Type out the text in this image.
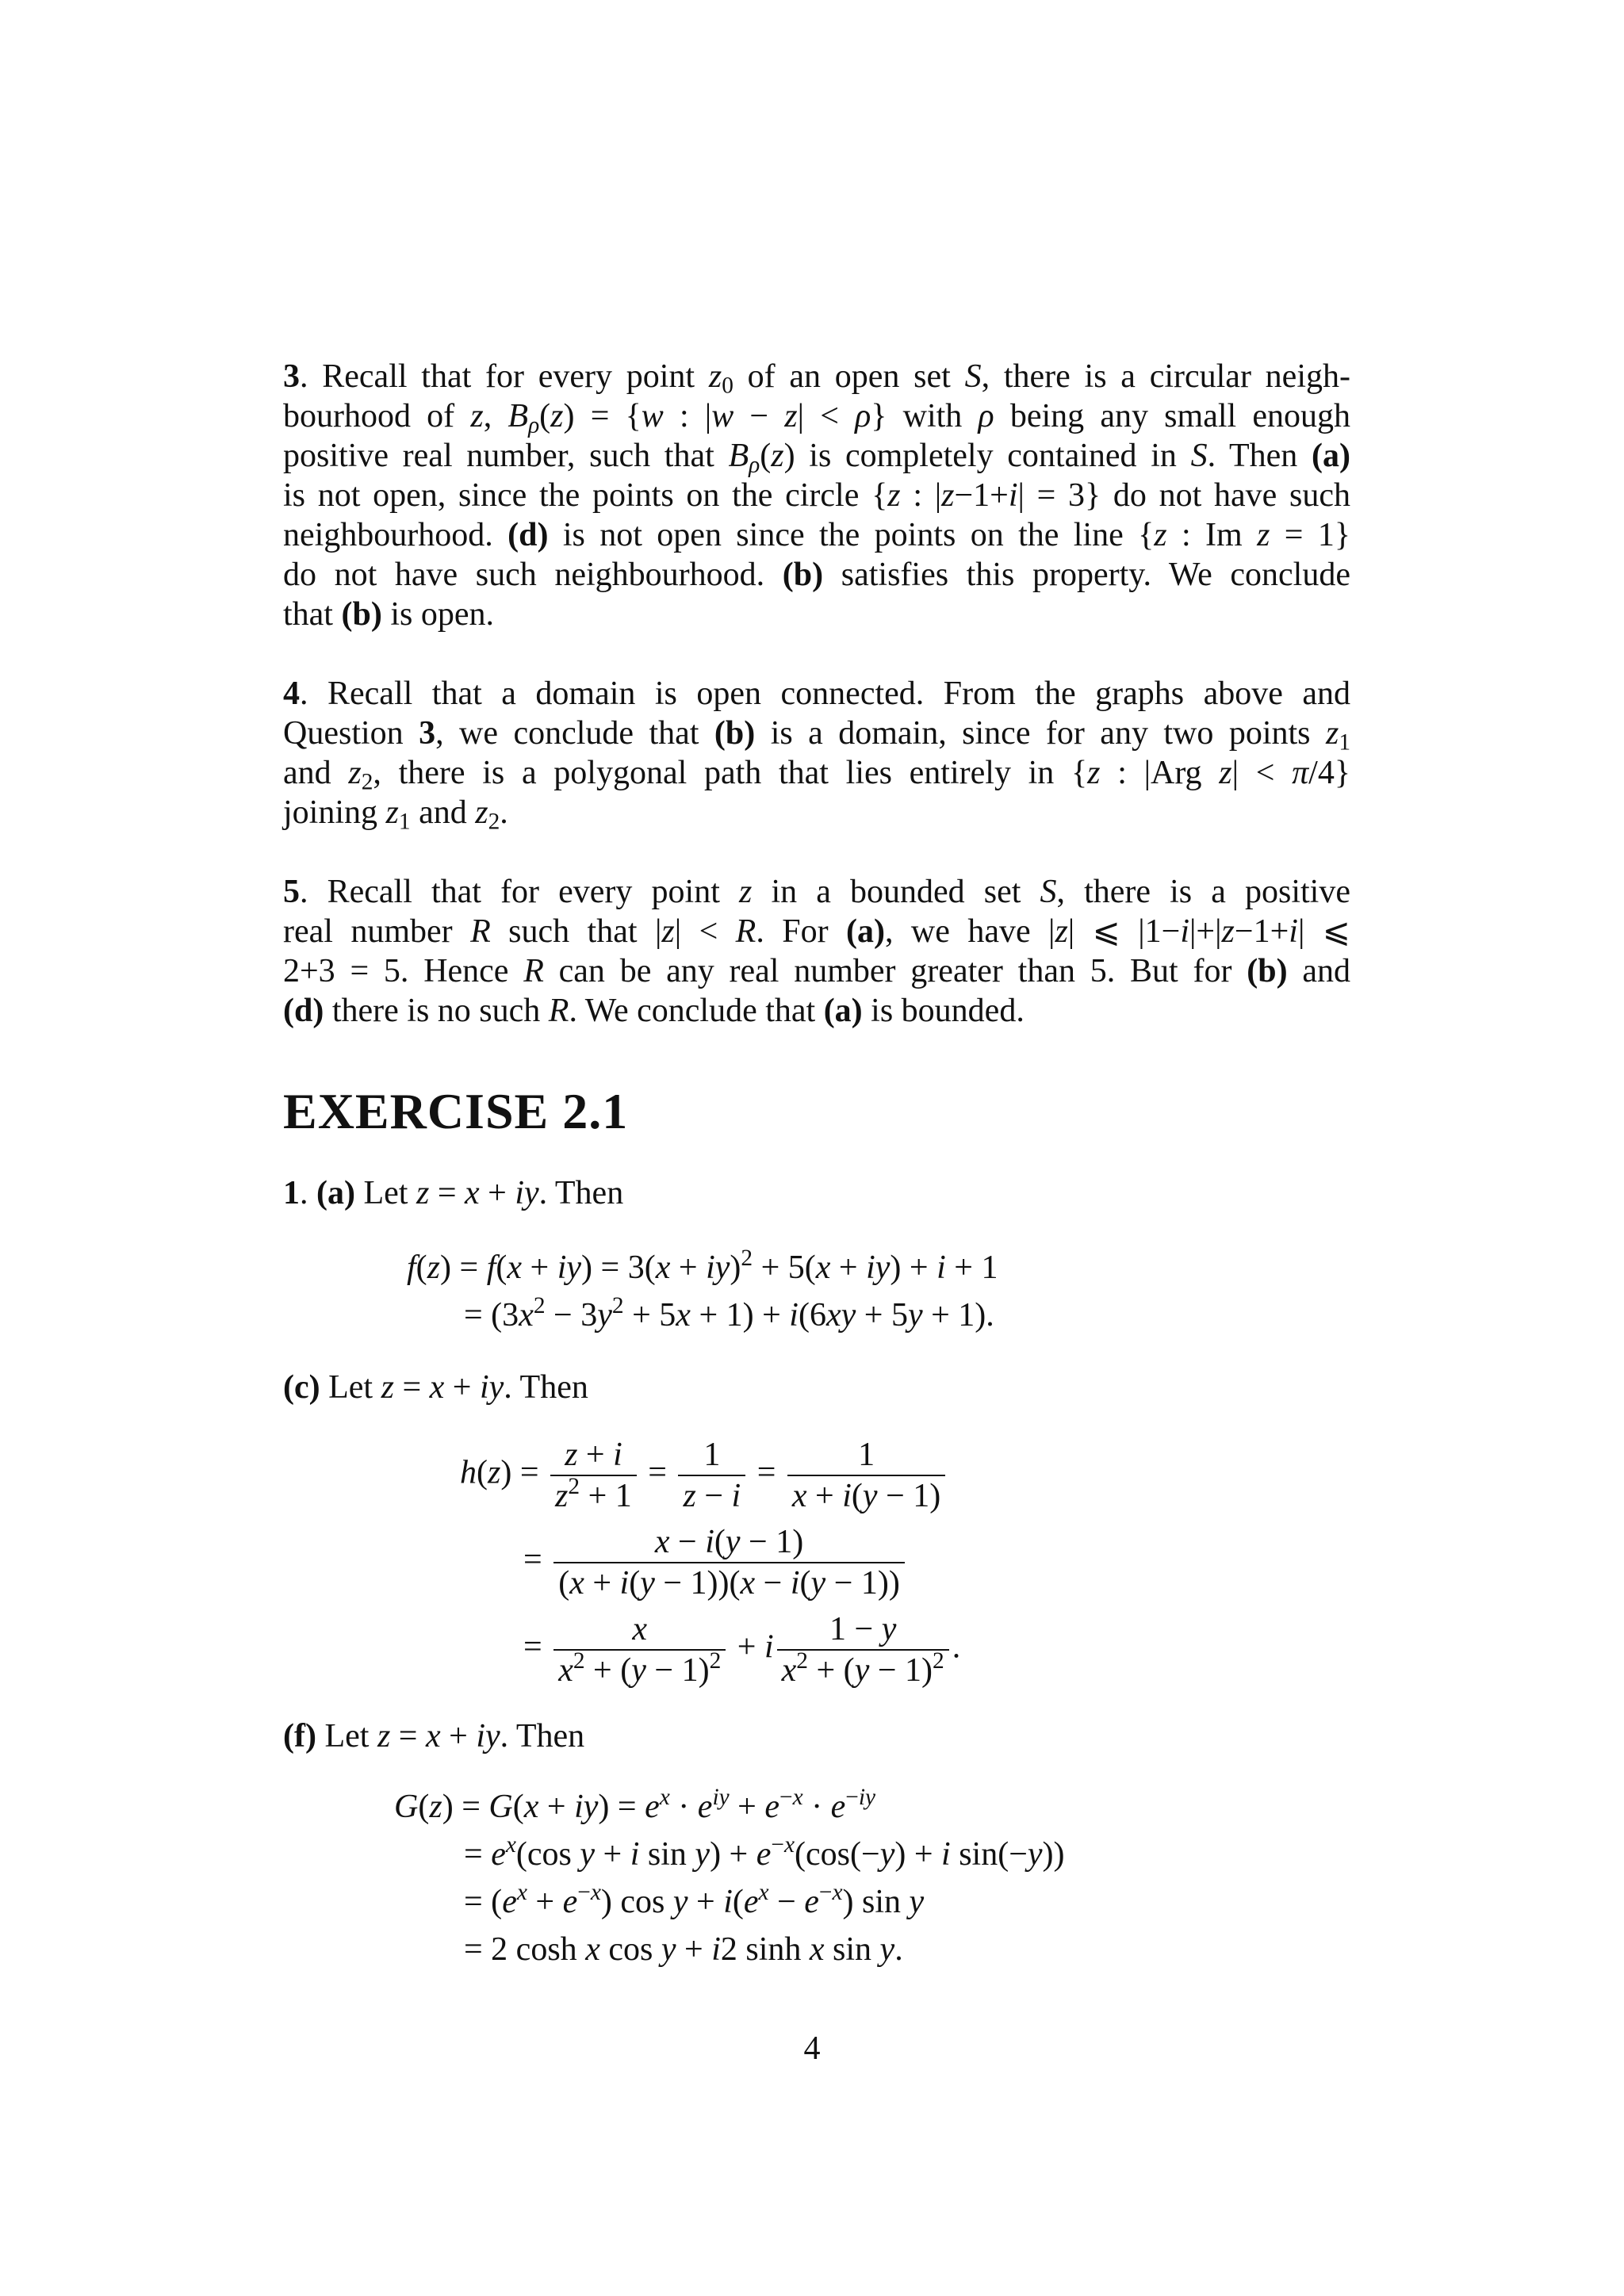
3. Recall that for every point $z_0$ of an open set S, there is a circular neigh-
bourhood of z, $B_\rho(z) = \{w$ : |w − z| < ρ} with ρ being any small enough
positive real number, such that $B_\rho(z)$ is completely contained in S. Then (a)
is not open, since the points on the circle {z : |z−1+i| = 3} do not have such
neighbourhood. (d) is not open since the points on the line {z : Im z = 1}
do not have such neighbourhood. (b) satisfies this property. We conclude
that (b) is open.
4. Recall that a domain is open connected. From the graphs above and
Question 3, we conclude that (b) is a domain, since for any two points $z_1$
and $z_2$, there is a polygonal path that lies entirely in {z : |Arg z| < π/4}
joining $z_1$ and $z_2$.
5. Recall that for every point z in a bounded set S, there is a positive
real number R such that |z| < R. For (a), we have |z| ⩽ |1−i|+|z−1+i| ⩽
2+3 = 5. Hence R can be any real number greater than 5. But for (b) and
(d) there is no such R. We conclude that (a) is bounded.
EXERCISE 2.1
1. (a) Let z = x + iy. Then
f(z) = f(x + iy) = 3(x + iy)$^2$ + 5(x + iy) + i + 1
= $(3x^2 - 3y^2 + 5x + 1) + i(6xy + 5y + 1)$.
(c) Let z = x + iy. Then
$h(z) = \frac{z + i}{z^2 + 1} = \frac{1}{z - i} = \frac{1}{x + i(y - 1)}$
= $\frac{x - i(y - 1)}{(x + i(y - 1))(x - i(y - 1))}$
= $\frac{x}{x^2 + (y - 1)^2} + i \frac{1 - y}{x^2 + (y - 1)^2}$ .
(f) Let z = x + iy. Then
$G(z) = G(x + iy) = e^x \cdot e^{iy} + e^{-x} \cdot e^{-iy}$
= $e^x(\cos$ y + i $\sin y) + e^{-x}(\cos(-y) + i$ sin(−y))
= $(e^x + e^{-x})$ $\cos y + i(e^x - e^{-x})$ sin y
= 2 cosh x cos y + i2 sinh x sin y.
4
